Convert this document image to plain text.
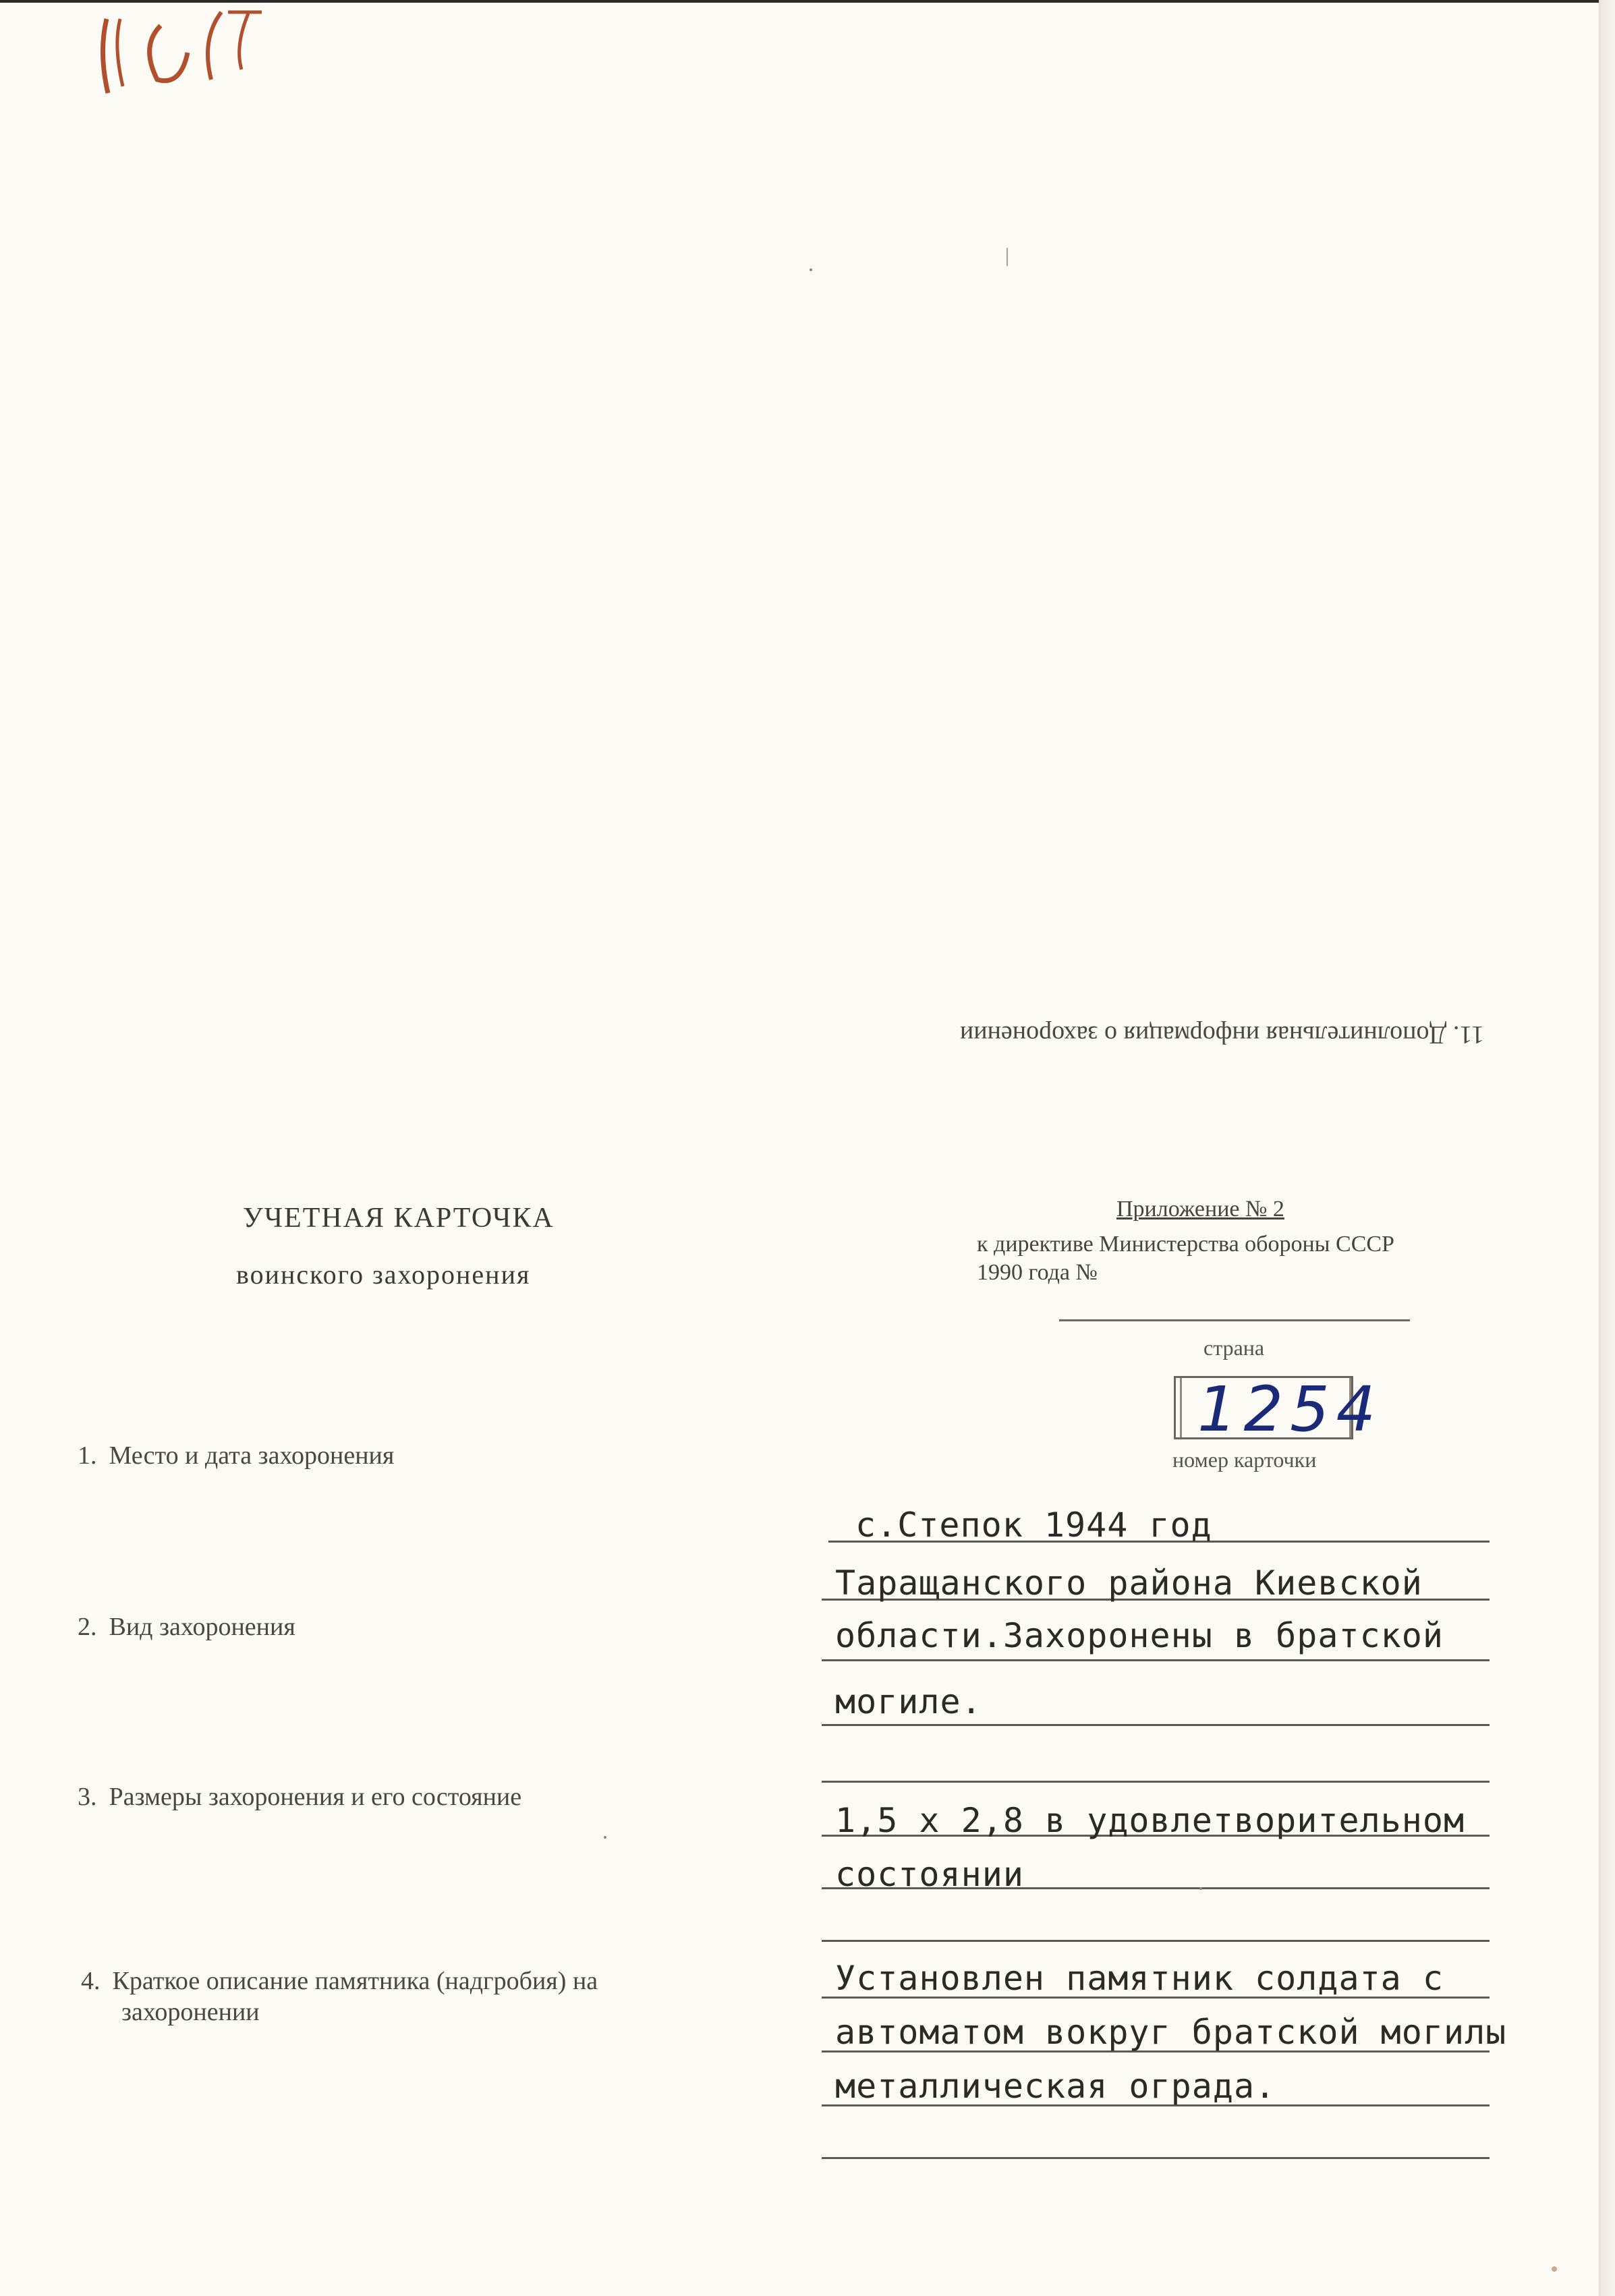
|
11. Дополнительная информация о захоронении
УЧЕТНАЯ КАРТОЧКА
воинского захоронения
Приложение № 2
к директиве Министерства обороны СССР
1990 года №
страна
1254
номер карточки
1. Место и дата захоронения
2. Вид захоронения
3. Размеры захоронения и его состояние
4. Краткое описание памятника (надгробия) на
захоронении
с.Степок 1944 год
Таращанского района Киевской
области.Захоронены в братской
могиле.
1,5 х 2,8 в удовлетворительном
состоянии
Установлен памятник солдата с
автоматом вокруг братской могилы
металлическая ограда.
